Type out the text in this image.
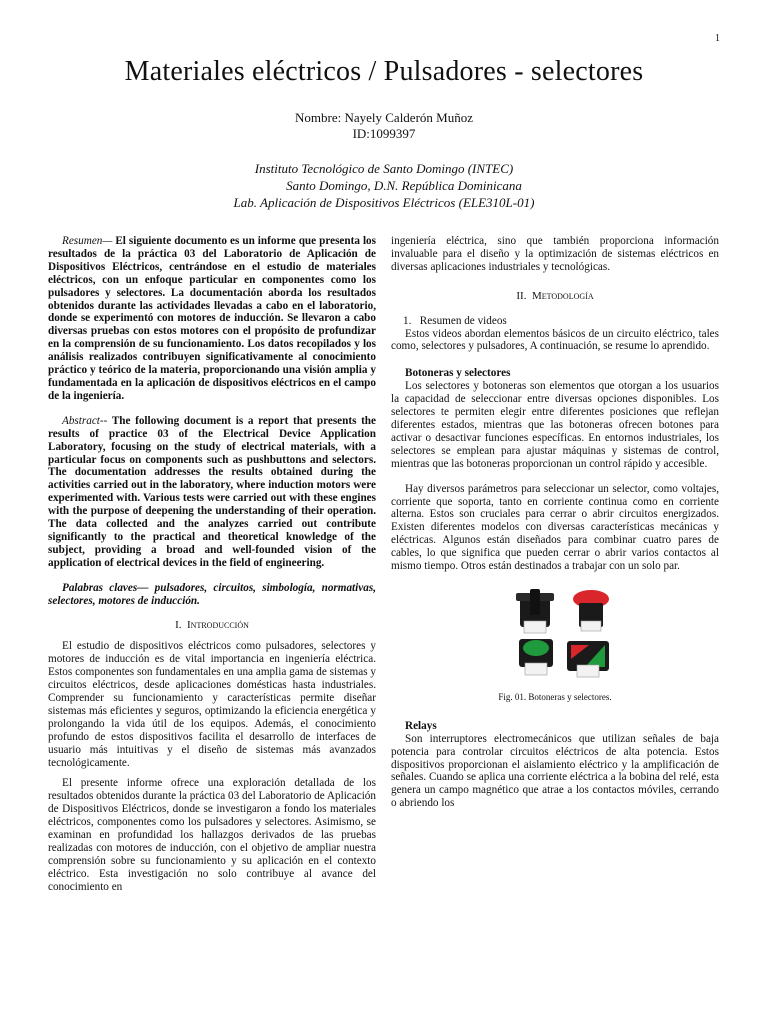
1
Materiales eléctricos / Pulsadores - selectores
Nombre: Nayely Calderón Muñoz
ID:1099397
Instituto Tecnológico de Santo Domingo (INTEC)
Santo Domingo, D.N. República Dominicana
Lab. Aplicación de Dispositivos Eléctricos (ELE310L-01)

Resumen— El siguiente documento es un informe que presenta los resultados de la práctica 03 del Laboratorio de Aplicación de Dispositivos Eléctricos, centrándose en el estudio de materiales eléctricos, con un enfoque particular en componentes como los pulsadores y selectores. La documentación aborda los resultados obtenidos durante las actividades llevadas a cabo en el laboratorio, donde se experimentó con motores de inducción. Se llevaron a cabo diversas pruebas con estos motores con el propósito de profundizar en la comprensión de su funcionamiento. Los datos recopilados y los análisis realizados contribuyen significativamente al conocimiento práctico y teórico de la materia, proporcionando una visión amplia y fundamentada en la aplicación de dispositivos eléctricos en el campo de la ingeniería.

Abstract-- The following document is a report that presents the results of practice 03 of the Electrical Device Application Laboratory, focusing on the study of electrical materials, with a particular focus on components such as pushbuttons and selectors. The documentation addresses the results obtained during the activities carried out in the laboratory, where induction motors were experimented with. Various tests were carried out with these engines with the purpose of deepening the understanding of their operation. The data collected and the analyzes carried out contribute significantly to the practical and theoretical knowledge of the subject, providing a broad and well-founded vision of the application of electrical devices in the field of engineering.

Palabras claves— pulsadores, circuitos, simbología, normativas, selectores, motores de inducción.

I. Introducción

El estudio de dispositivos eléctricos como pulsadores, selectores y motores de inducción es de vital importancia en ingeniería eléctrica. Estos componentes son fundamentales en una amplia gama de sistemas y circuitos eléctricos, desde aplicaciones domésticas hasta industriales. Comprender su funcionamiento y características permite diseñar sistemas más eficientes y seguros, optimizando la eficiencia energética y prolongando la vida útil de los equipos. Además, el conocimiento profundo de estos dispositivos facilita el desarrollo de interfaces de usuario más intuitivas y el diseño de sistemas más avanzados tecnológicamente.

El presente informe ofrece una exploración detallada de los resultados obtenidos durante la práctica 03 del Laboratorio de Aplicación de Dispositivos Eléctricos, donde se investigaron a fondo los materiales eléctricos, componentes como los pulsadores y selectores. Asimismo, se examinan en profundidad los hallazgos derivados de las pruebas realizadas con motores de inducción, con el objetivo de ampliar nuestra comprensión sobre su funcionamiento y su aplicación en el contexto eléctrico. Esta investigación no solo contribuye al avance del conocimiento en

ingeniería eléctrica, sino que también proporciona información invaluable para el diseño y la optimización de sistemas eléctricos en diversas aplicaciones industriales y tecnológicas.

II. Metodología

1.   Resumen de videos

Estos videos abordan elementos básicos de un circuito eléctrico, tales como, selectores y pulsadores, A continuación, se resume lo aprendido.

Botoneras y selectores

Los selectores y botoneras son elementos que otorgan a los usuarios la capacidad de seleccionar entre diversas opciones disponibles. Los selectores te permiten elegir entre diferentes posiciones que reflejan diferentes estados, mientras que las botoneras ofrecen botones para activar o desactivar funciones específicas. En entornos industriales, los selectores se emplean para ajustar máquinas y sistemas de control, mientras que las botoneras proporcionan un control rápido y accesible.

Hay diversos parámetros para seleccionar un selector, como voltajes, corriente que soporta, tanto en corriente continua como en corriente alterna. Estos son cruciales para cerrar o abrir circuitos energizados. Existen diferentes modelos con diversas características mecánicas y eléctricas. Algunos están diseñados para combinar cuatro pares de cables, lo que significa que pueden cerrar o abrir varios contactos al mismo tiempo. Otros están destinados a trabajar con un solo par.

Fig. 01. Botoneras y selectores.
Relays

Son interruptores electromecánicos que utilizan señales de baja potencia para controlar circuitos eléctricos de alta potencia. Estos dispositivos proporcionan el aislamiento eléctrico y la amplificación de señales. Cuando se aplica una corriente eléctrica a la bobina del relé, esta genera un campo magnético que atrae a los contactos móviles, cerrando o abriendo los
